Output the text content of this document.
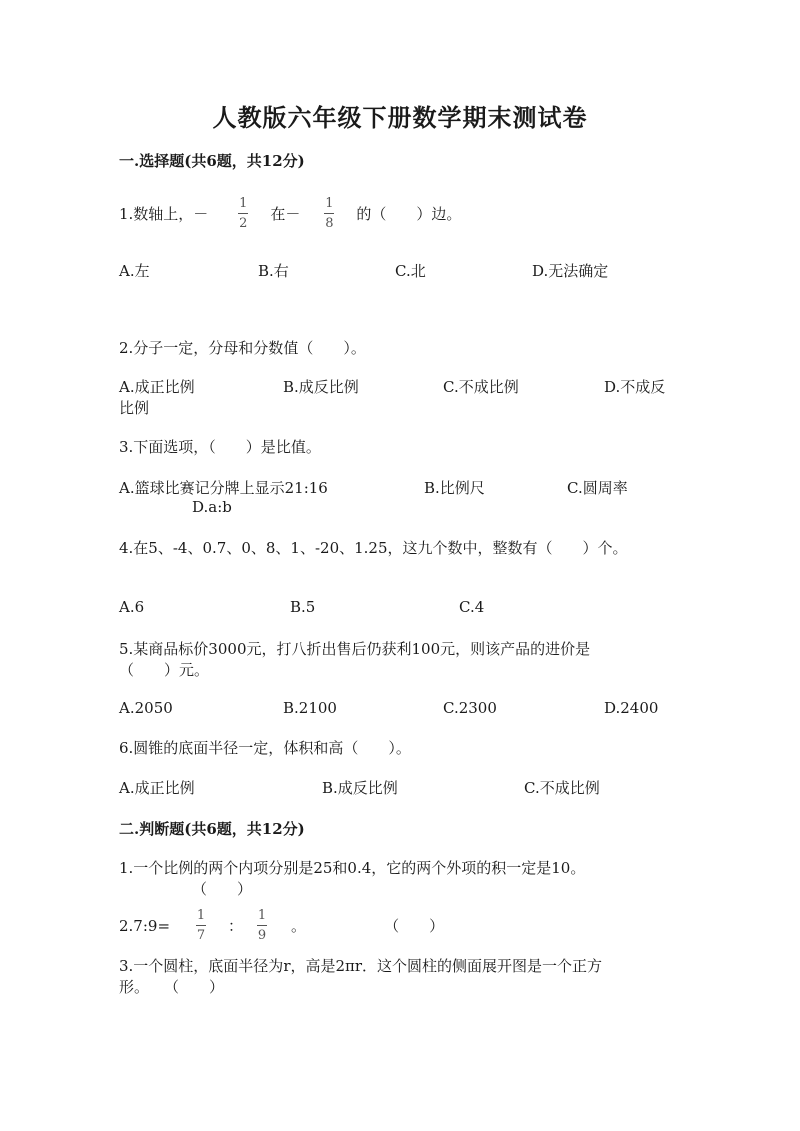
人教版六年级下册数学期末测试卷
一.选择题(共6题，共12分)
1.数轴上，－ $\frac{1}{2}$ 在－ $\frac{1}{8}$ 的（　　）边。
A.左	B.右	C.北	D.无法确定
2.分子一定，分母和分数值（　　）。
A.成正比例	B.成反比例	C.不成比例	D.不成反
比例
3.下面选项，（　　）是比值。
A.篮球比赛记分牌上显示21:16	B.比例尺	C.圆周率
D.a:b
4.在5、-4、0.7、0、8、1、-20、1.25，这九个数中，整数有（　　）个。
A.6	B.5	C.4
5.某商品标价3000元，打八折出售后仍获利100元，则该产品的进价是
（　　）元。
A.2050	B.2100	C.2300	D.2400
6.圆锥的底面半径一定，体积和高（　　）。
A.成正比例	B.成反比例	C.不成比例
二.判断题(共6题，共12分)
1.一个比例的两个内项分别是25和0.4，它的两个外项的积一定是10。
（　　）
2.7:9= $\frac{1}{7}$ ： $\frac{1}{9}$ 。	（　　）
3.一个圆柱，底面半径为r，高是2πr．这个圆柱的侧面展开图是一个正方
形。　　（　　）
